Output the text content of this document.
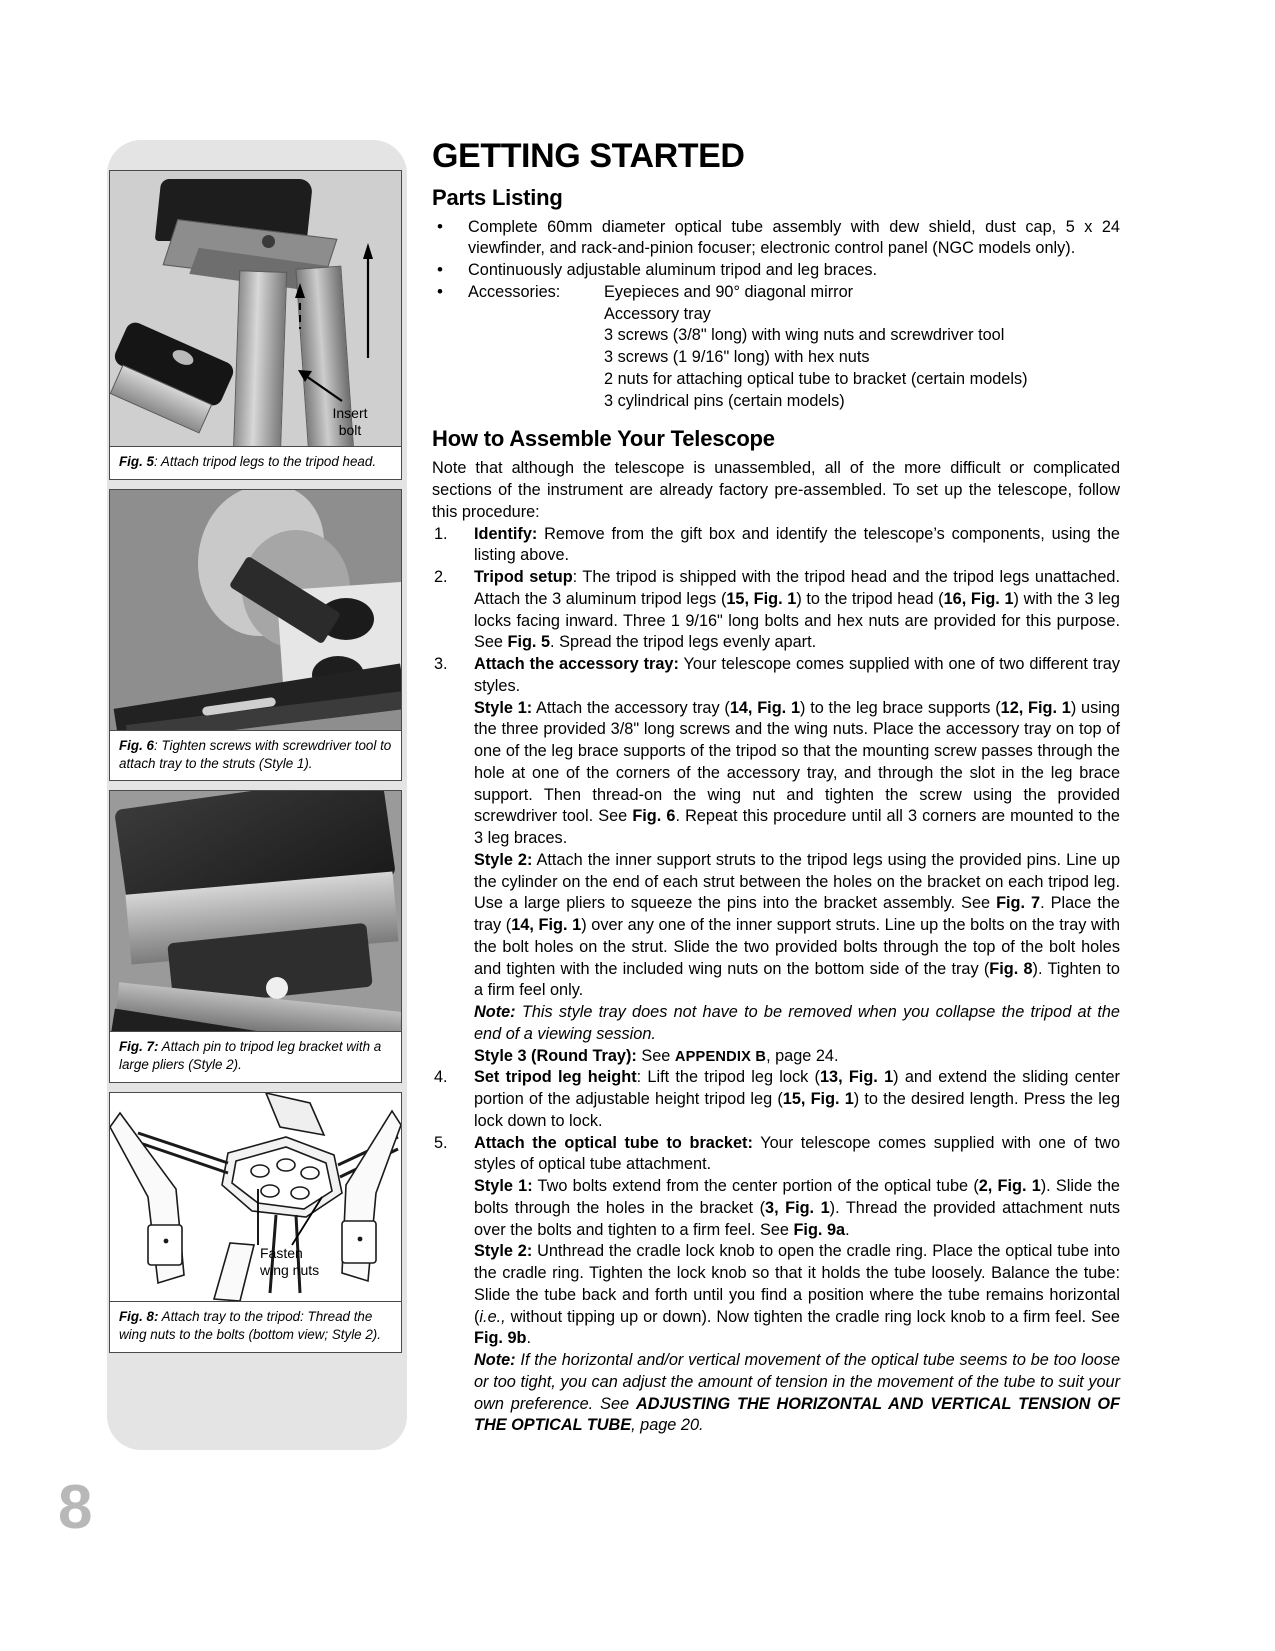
Insert
bolt
Fig. 5: Attach tripod legs to the tripod head.
Fig. 6: Tighten screws with screwdriver tool to attach tray to the struts (Style 1).
Fig. 7: Attach pin to tripod leg bracket with a large pliers (Style 2).
Fasten
wing nuts
Fig. 8: Attach tray to the tripod: Thread the wing nuts to the bolts (bottom view; Style 2).
8
GETTING STARTED
Parts Listing
• Complete 60mm diameter optical tube assembly with dew shield, dust cap, 5 x 24 viewfinder, and rack-and-pinion focuser; electronic control panel (NGC models only).
• Continuously adjustable aluminum tripod and leg braces.
• Accessories:	Eyepieces and 90° diagonal mirror
Accessory tray
3 screws (3/8" long) with wing nuts and screwdriver tool
3 screws (1 9/16" long) with hex nuts
2 nuts for attaching optical tube to bracket (certain models)
3 cylindrical pins (certain models)
How to Assemble Your Telescope

Note that although the telescope is unassembled, all of the more difficult or complicated sections of the instrument are already factory pre-assembled. To set up the telescope, follow this procedure:

1.	Identify: Remove from the gift box and identify the telescope’s components, using the listing above.

2.	Tripod setup: The tripod is shipped with the tripod head and the tripod legs unattached. Attach the 3 aluminum tripod legs (15, Fig. 1) to the tripod head (16, Fig. 1) with the 3 leg locks facing inward. Three 1 9/16" long bolts and hex nuts are provided for this purpose. See Fig. 5. Spread the tripod legs evenly apart.

3.	Attach the accessory tray: Your telescope comes supplied with one of two different tray styles.

Style 1: Attach the accessory tray (14, Fig. 1) to the leg brace supports (12, Fig. 1) using the three provided 3/8" long screws and the wing nuts. Place the accessory tray on top of one of the leg brace supports of the tripod so that the mounting screw passes through the hole at one of the corners of the accessory tray, and through the slot in the leg brace support. Then thread-on the wing nut and tighten the screw using the provided screwdriver tool. See Fig. 6. Repeat this procedure until all 3 corners are mounted to the 3 leg braces.

Style 2: Attach the inner support struts to the tripod legs using the provided pins. Line up the cylinder on the end of each strut between the holes on the bracket on each tripod leg. Use a large pliers to squeeze the pins into the bracket assembly. See Fig. 7. Place the tray (14, Fig. 1) over any one of the inner support struts. Line up the bolts on the tray with the bolt holes on the strut. Slide the two provided bolts through the top of the bolt holes and tighten with the included wing nuts on the bottom side of the tray (Fig. 8). Tighten to a firm feel only.

Note: This style tray does not have to be removed when you collapse the tripod at the end of a viewing session.

Style 3 (Round Tray): See APPENDIX B, page 24.

4.	Set tripod leg height: Lift the tripod leg lock (13, Fig. 1) and extend the sliding center portion of the adjustable height tripod leg (15, Fig. 1) to the desired length. Press the leg lock down to lock.

5.	Attach the optical tube to bracket: Your telescope comes supplied with one of two styles of optical tube attachment.

Style 1: Two bolts extend from the center portion of the optical tube (2, Fig. 1). Slide the bolts through the holes in the bracket (3, Fig. 1). Thread the provided attachment nuts over the bolts and tighten to a firm feel. See Fig. 9a.

Style 2: Unthread the cradle lock knob to open the cradle ring. Place the optical tube into the cradle ring. Tighten the lock knob so that it holds the tube loosely. Balance the tube: Slide the tube back and forth until you find a position where the tube remains horizontal (i.e., without tipping up or down). Now tighten the cradle ring lock knob to a firm feel. See Fig. 9b.

Note: If the horizontal and/or vertical movement of the optical tube seems to be too loose or too tight, you can adjust the amount of tension in the movement of the tube to suit your own preference. See ADJUSTING THE HORIZONTAL AND VERTICAL TENSION OF THE OPTICAL TUBE, page 20.
